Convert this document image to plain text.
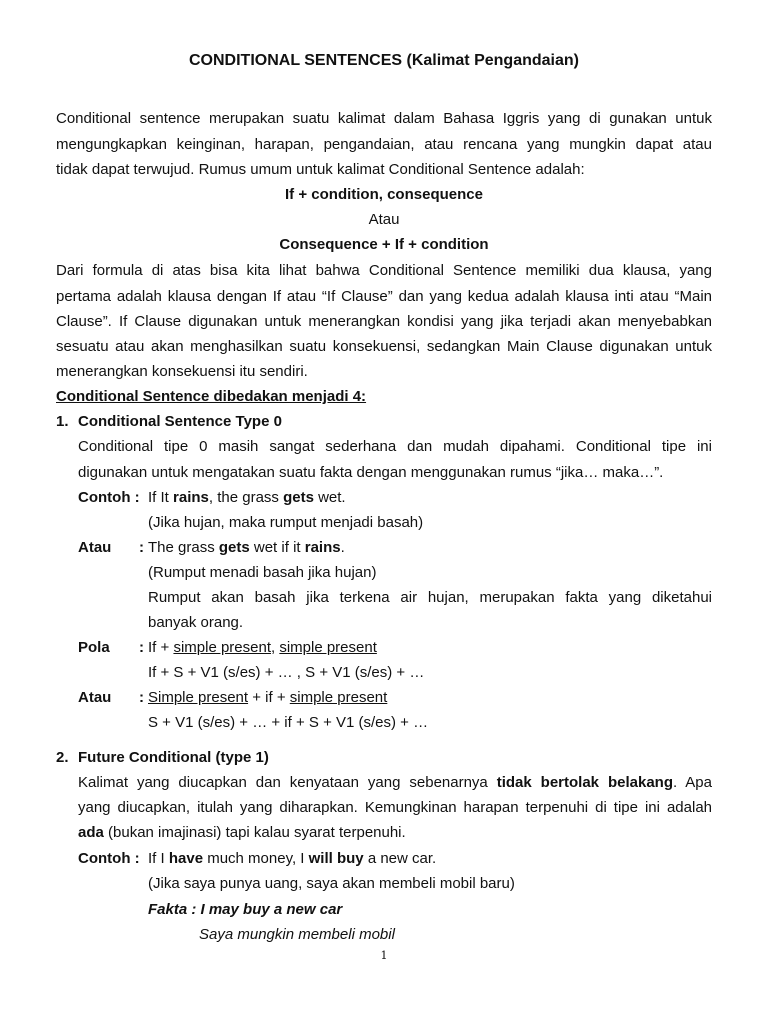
CONDITIONAL SENTENCES (Kalimat Pengandaian)
Conditional sentence merupakan suatu kalimat dalam Bahasa Iggris yang di gunakan untuk
mengungkapkan keinginan, harapan, pengandaian, atau rencana yang mungkin dapat atau
tidak dapat terwujud. Rumus umum untuk kalimat Conditional Sentence adalah:
If + condition, consequence
Atau
Consequence + If + condition
Dari formula di atas bisa kita lihat bahwa Conditional Sentence memiliki dua klausa, yang
pertama adalah klausa dengan If atau “If Clause” dan yang kedua adalah klausa inti atau “Main
Clause”. If Clause digunakan untuk menerangkan kondisi yang jika terjadi akan menyebabkan
sesuatu atau akan menghasilkan suatu konsekuensi, sedangkan Main Clause digunakan untuk
menerangkan konsekuensi itu sendiri.
Conditional Sentence dibedakan menjadi 4:
1. Conditional Sentence Type 0
Conditional tipe 0 masih sangat sederhana dan mudah dipahami. Conditional tipe ini
digunakan untuk mengatakan suatu fakta dengan menggunakan rumus “jika… maka…”.
Contoh : If It rains, the grass gets wet.
(Jika hujan, maka rumput menjadi basah)
Atau : The grass gets wet if it rains.
(Rumput menadi basah jika hujan)
Rumput akan basah jika terkena air hujan, merupakan fakta yang diketahui
banyak orang.
Pola : If + simple present, simple present
If + S + V1 (s/es) + … , S + V1 (s/es) + …
Atau : Simple present + if + simple present
S + V1 (s/es) + … + if + S + V1 (s/es) + …
2. Future Conditional (type 1)
Kalimat yang diucapkan dan kenyataan yang sebenarnya tidak bertolak belakang. Apa
yang diucapkan, itulah yang diharapkan. Kemungkinan harapan terpenuhi di tipe ini adalah
ada (bukan imajinasi) tapi kalau syarat terpenuhi.
Contoh : If I have much money, I will buy a new car.
(Jika saya punya uang, saya akan membeli mobil baru)
Fakta : I may buy a new car
Saya mungkin membeli mobil
1
